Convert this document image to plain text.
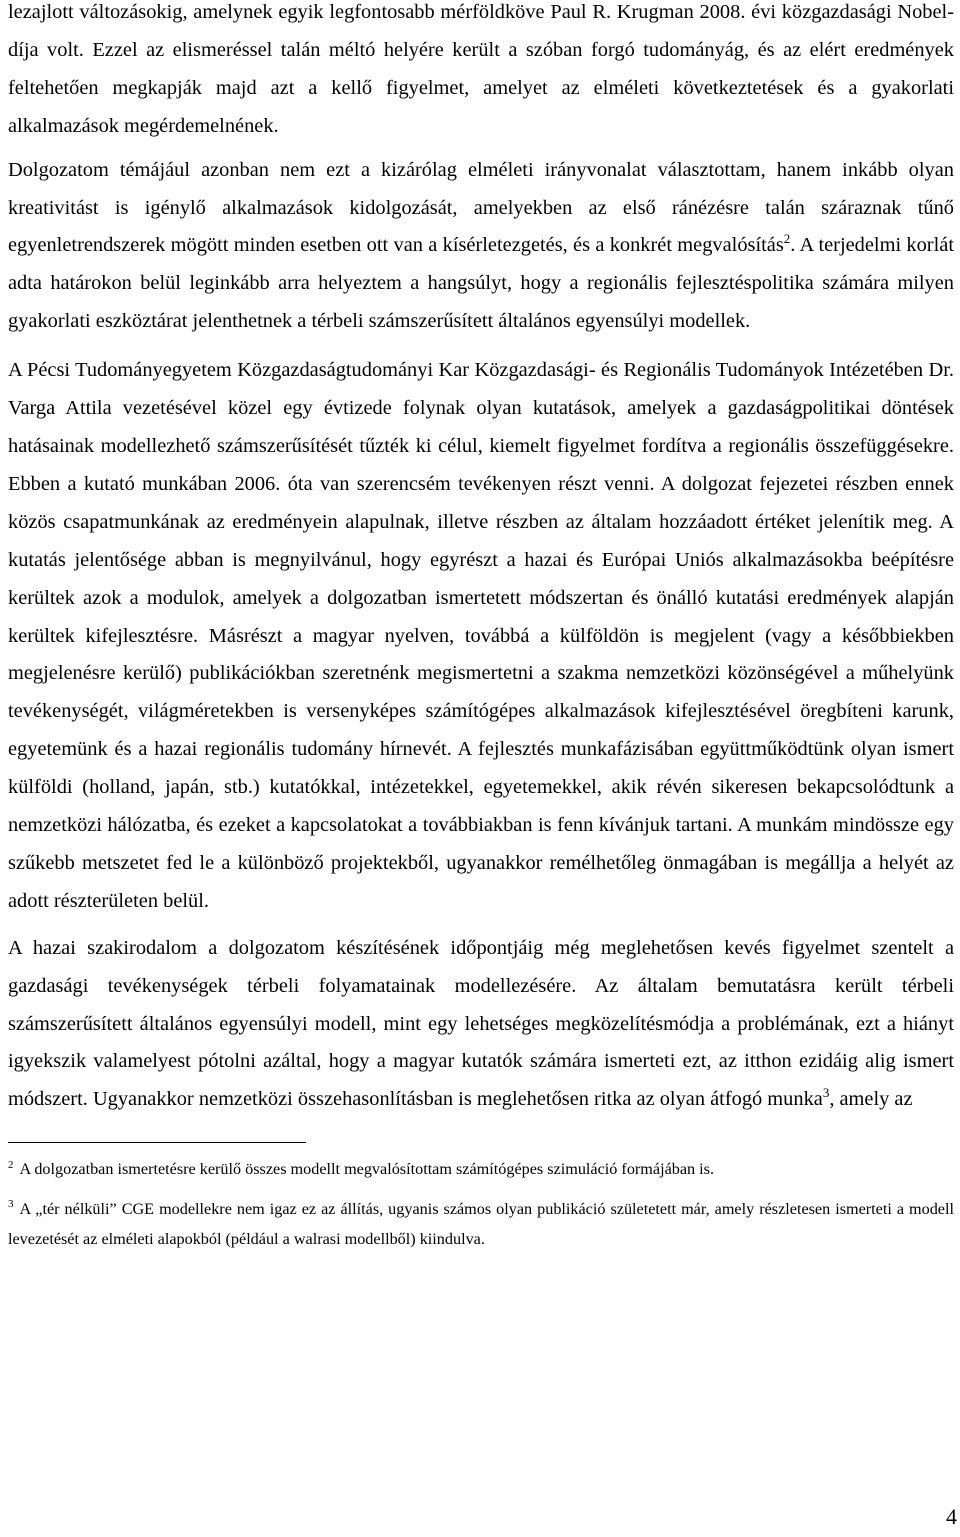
lezajlott változásokig, amelynek egyik legfontosabb mérföldköve Paul R. Krugman 2008. évi közgazdasági Nobel-díja volt. Ezzel az elismeréssel talán méltó helyére került a szóban forgó tudományág, és az elért eredmények feltehetően megkapják majd azt a kellő figyelmet, amelyet az elméleti következtetések és a gyakorlati alkalmazások megérdemelnének.

Dolgozatom témájául azonban nem ezt a kizárólag elméleti irányvonalat választottam, hanem inkább olyan kreativitást is igénylő alkalmazások kidolgozását, amelyekben az első ránézésre talán száraznak tűnő egyenletrendszerek mögött minden esetben ott van a kísérletezgetés, és a konkrét megvalósítás$^2$. A terjedelmi korlát adta határokon belül leginkább arra helyeztem a hangsúlyt, hogy a regionális fejlesztéspolitika számára milyen gyakorlati eszköztárat jelenthetnek a térbeli számszerűsített általános egyensúlyi modellek.

A Pécsi Tudományegyetem Közgazdaságtudományi Kar Közgazdasági- és Regionális Tudományok Intézetében Dr. Varga Attila vezetésével közel egy évtizede folynak olyan kutatások, amelyek a gazdaságpolitikai döntések hatásainak modellezhető számszerűsítését tűzték ki célul, kiemelt figyelmet fordítva a regionális összefüggésekre. Ebben a kutató munkában 2006. óta van szerencsém tevékenyen részt venni. A dolgozat fejezetei részben ennek közös csapatmunkának az eredményein alapulnak, illetve részben az általam hozzáadott értéket jelenítik meg. A kutatás jelentősége abban is megnyilvánul, hogy egyrészt a hazai és Európai Uniós alkalmazásokba beépítésre kerültek azok a modulok, amelyek a dolgozatban ismertetett módszertan és önálló kutatási eredmények alapján kerültek kifejlesztésre. Másrészt a magyar nyelven, továbbá a külföldön is megjelent (vagy a későbbiekben megjelenésre kerülő) publikációkban szeretnénk megismertetni a szakma nemzetközi közönségével a műhelyünk tevékenységét, világméretekben is versenyképes számítógépes alkalmazások kifejlesztésével öregbíteni karunk, egyetemünk és a hazai regionális tudomány hírnevét. A fejlesztés munkafázisában együttműködtünk olyan ismert külföldi (holland, japán, stb.) kutatókkal, intézetekkel, egyetemekkel, akik révén sikeresen bekapcsolódtunk a nemzetközi hálózatba, és ezeket a kapcsolatokat a továbbiakban is fenn kívánjuk tartani. A munkám mindössze egy szűkebb metszetet fed le a különböző projektekből, ugyanakkor remélhetőleg önmagában is megállja a helyét az adott részterületen belül.

A hazai szakirodalom a dolgozatom készítésének időpontjáig még meglehetősen kevés figyelmet szentelt a gazdasági tevékenységek térbeli folyamatainak modellezésére. Az általam bemutatásra került térbeli számszerűsített általános egyensúlyi modell, mint egy lehetséges megközelítésmódja a problémának, ezt a hiányt igyekszik valamelyest pótolni azáltal, hogy a magyar kutatók számára ismerteti ezt, az itthon ezidáig alig ismert módszert. Ugyanakkor nemzetközi összehasonlításban is meglehetősen ritka az olyan átfogó munka$^3$, amely az

$^2$ A dolgozatban ismertetésre kerülő összes modellt megvalósítottam számítógépes szimuláció formájában is.

$^3$ A „tér nélküli” CGE modellekre nem igaz ez az állítás, ugyanis számos olyan publikáció születetett már, amely részletesen ismerteti a modell levezetését az elméleti alapokból (például a walrasi modellből) kiindulva.

4
